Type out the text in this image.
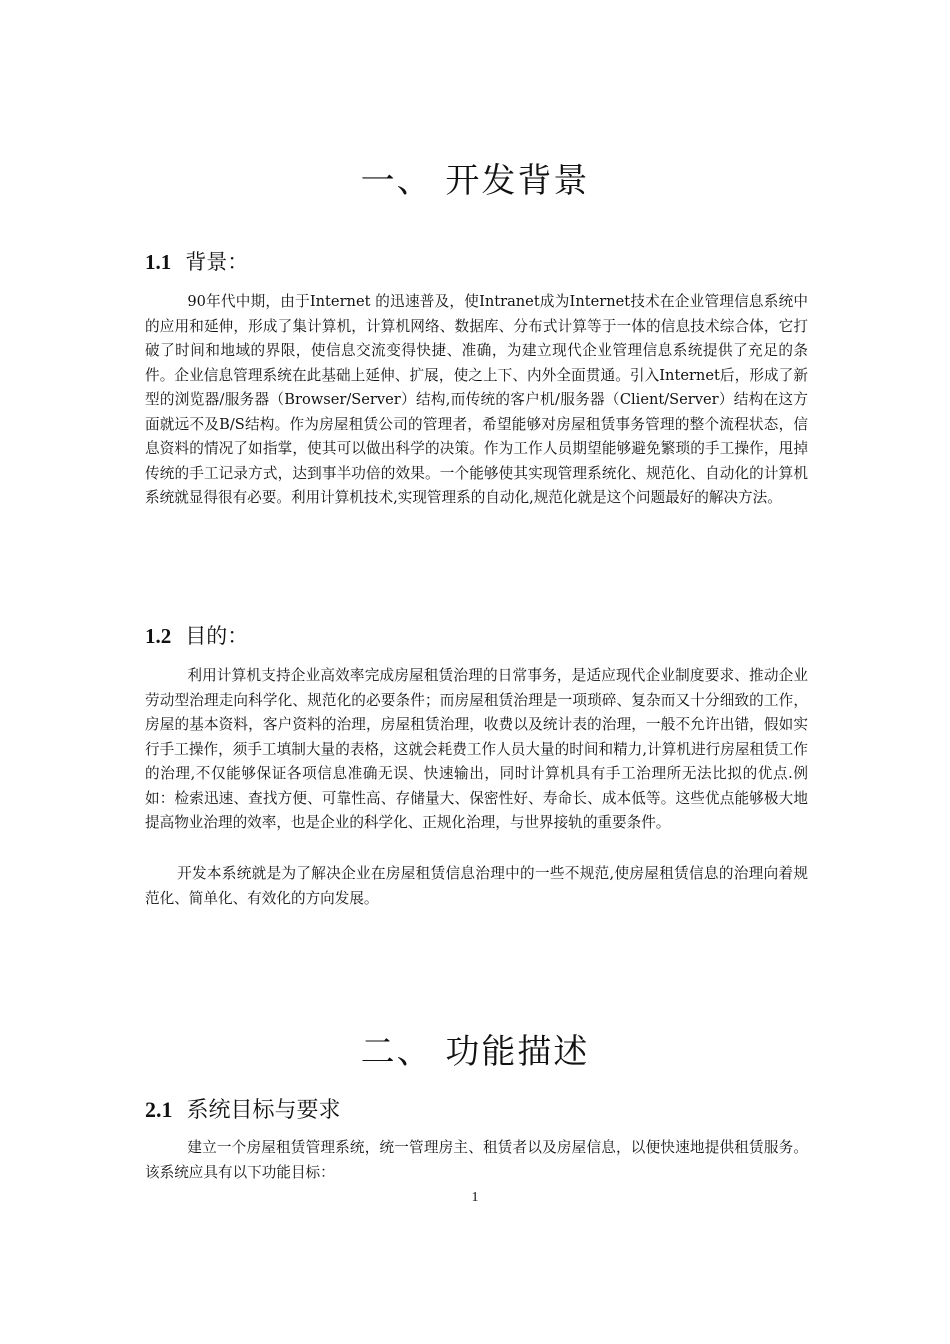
一、 开发背景
1.1 背景：

90年代中期，由于Internet 的迅速普及，使Intranet成为Internet技术在企业管理信息系统中的应用和延伸，形成了集计算机，计算机网络、数据库、分布式计算等于一体的信息技术综合体，它打破了时间和地域的界限，使信息交流变得快捷、准确，为建立现代企业管理信息系统提供了充足的条件。企业信息管理系统在此基础上延伸、扩展，使之上下、内外全面贯通。引入Internet后，形成了新型的浏览器/服务器（Browser/Server）结构,而传统的客户机/服务器（Client/Server）结构在这方面就远不及B/S结构。作为房屋租赁公司的管理者，希望能够对房屋租赁事务管理的整个流程状态，信息资料的情况了如指掌，使其可以做出科学的决策。作为工作人员期望能够避免繁琐的手工操作，甩掉传统的手工记录方式，达到事半功倍的效果。一个能够使其实现管理系统化、规范化、自动化的计算机系统就显得很有必要。利用计算机技术,实现管理系的自动化,规范化就是这个问题最好的解决方法。

1.2 目的：

利用计算机支持企业高效率完成房屋租赁治理的日常事务，是适应现代企业制度要求、推动企业劳动型治理走向科学化、规范化的必要条件；而房屋租赁治理是一项琐碎、复杂而又十分细致的工作，房屋的基本资料，客户资料的治理，房屋租赁治理，收费以及统计表的治理，一般不允许出错，假如实行手工操作，须手工填制大量的表格，这就会耗费工作人员大量的时间和精力,计算机进行房屋租赁工作的治理,不仅能够保证各项信息准确无误、快速输出，同时计算机具有手工治理所无法比拟的优点.例如：检索迅速、查找方便、可靠性高、存储量大、保密性好、寿命长、成本低等。这些优点能够极大地提高物业治理的效率，也是企业的科学化、正规化治理，与世界接轨的重要条件。

开发本系统就是为了解决企业在房屋租赁信息治理中的一些不规范,使房屋租赁信息的治理向着规范化、简单化、有效化的方向发展。

二、 功能描述
2.1 系统目标与要求

建立一个房屋租赁管理系统，统一管理房主、租赁者以及房屋信息，以便快速地提供租赁服务。该系统应具有以下功能目标：

1
